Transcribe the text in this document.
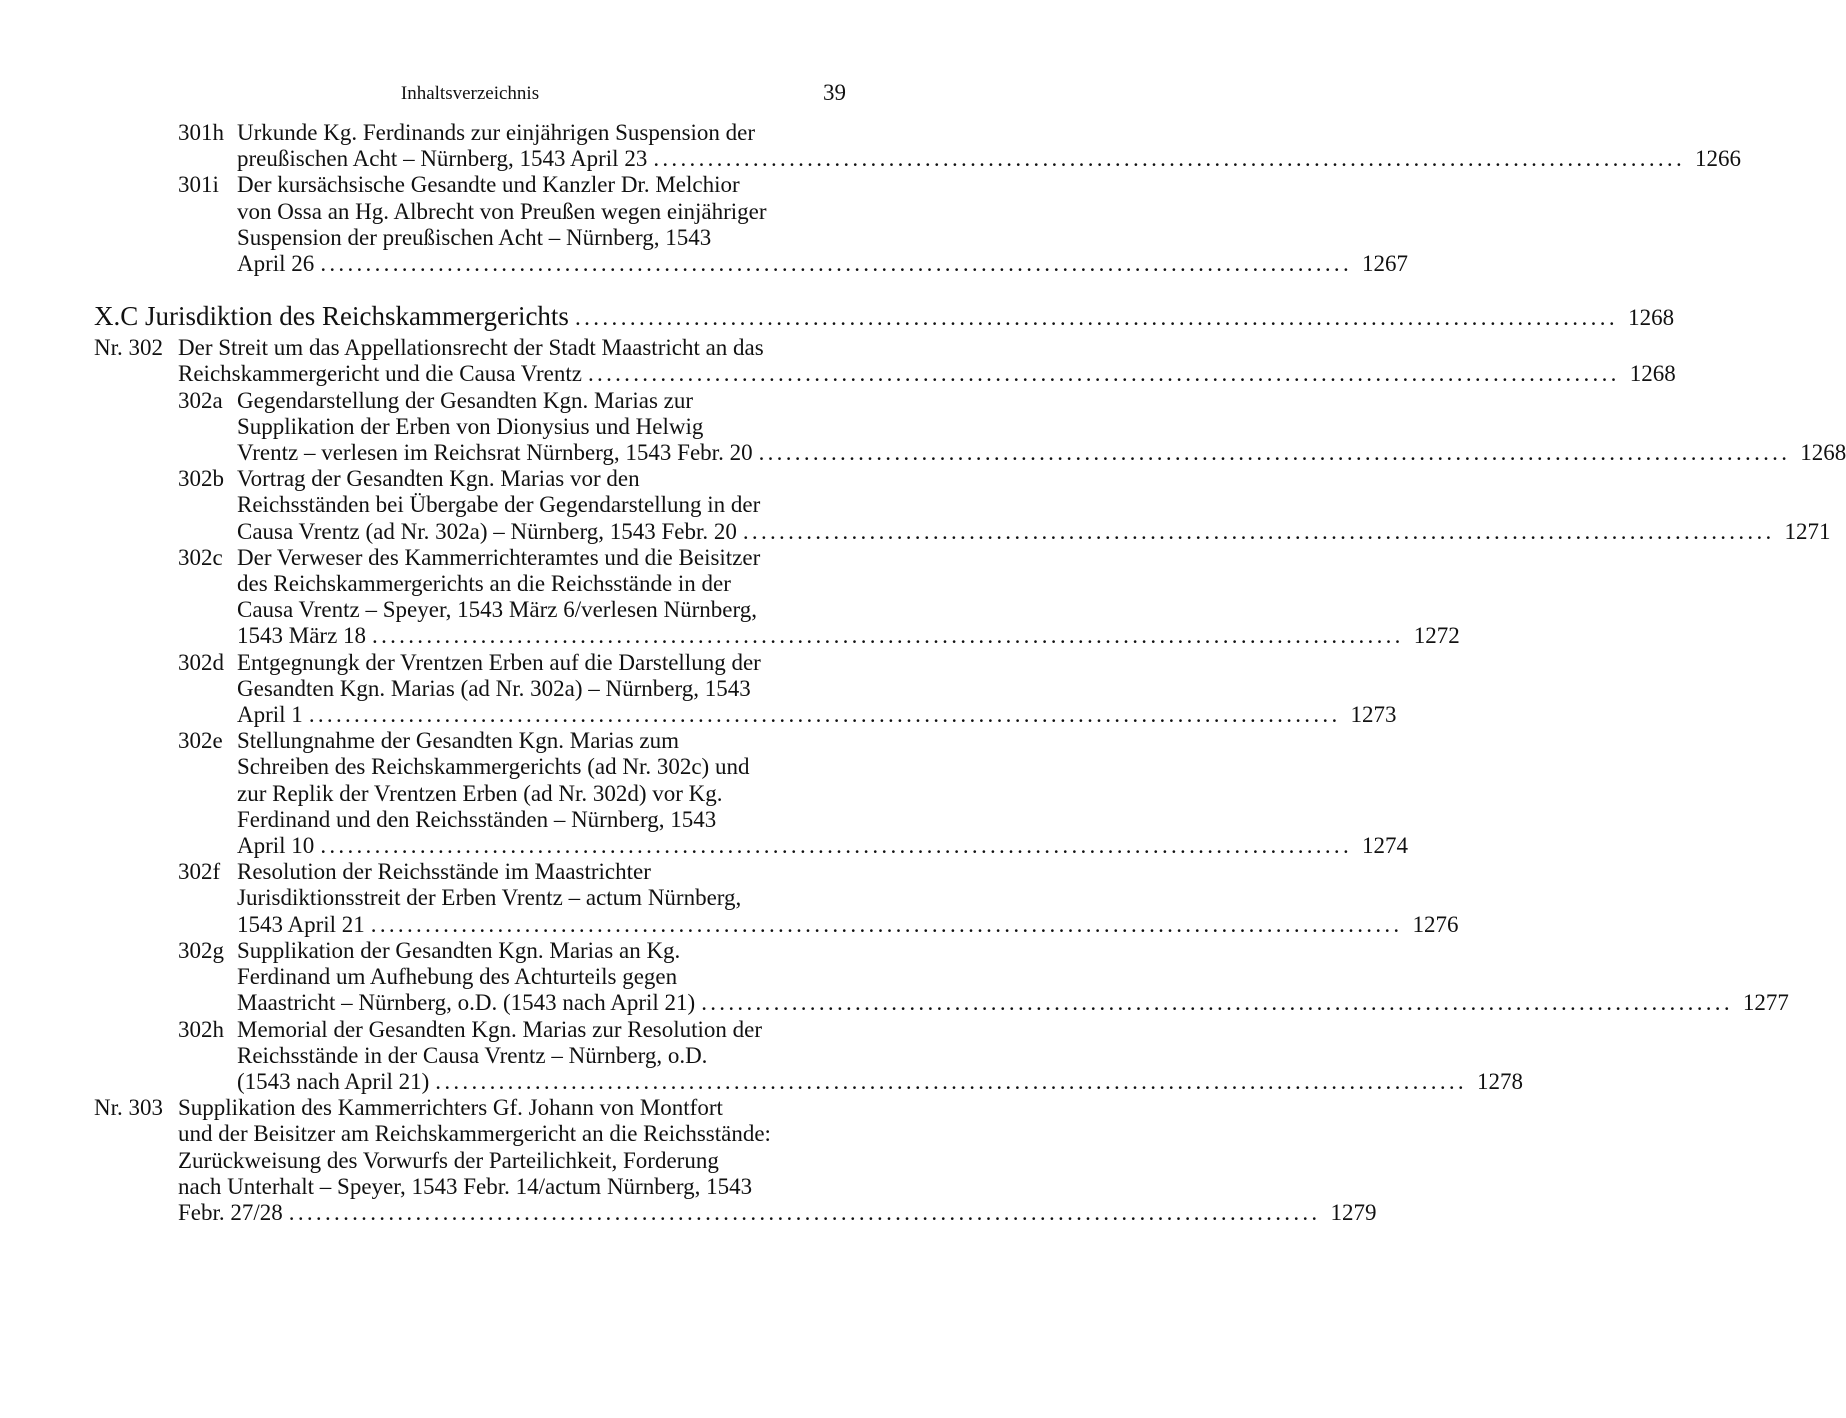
Inhaltsverzeichnis	39
301h Urkunde Kg. Ferdinands zur einjährigen Suspension der
preußischen Acht – Nürnberg, 1543 April 23 .................................................................................................................. 1266
301i Der kursächsische Gesandte und Kanzler Dr. Melchior
von Ossa an Hg. Albrecht von Preußen wegen einjähriger
Suspension der preußischen Acht – Nürnberg, 1543
April 26 .................................................................................................................. 1267
X.C Jurisdiktion des Reichskammergerichts .................................................................................................................. 1268
Nr. 302 Der Streit um das Appellationsrecht der Stadt Maastricht an das
Reichskammergericht und die Causa Vrentz .................................................................................................................. 1268
302a Gegendarstellung der Gesandten Kgn. Marias zur
Supplikation der Erben von Dionysius und Helwig
Vrentz – verlesen im Reichsrat Nürnberg, 1543 Febr. 20 .................................................................................................................. 1268
302b Vortrag der Gesandten Kgn. Marias vor den
Reichsständen bei Übergabe der Gegendarstellung in der
Causa Vrentz (ad Nr. 302a) – Nürnberg, 1543 Febr. 20 .................................................................................................................. 1271
302c Der Verweser des Kammerrichteramtes und die Beisitzer
des Reichskammergerichts an die Reichsstände in der
Causa Vrentz – Speyer, 1543 März 6/verlesen Nürnberg,
1543 März 18 .................................................................................................................. 1272
302d Entgegnungk der Vrentzen Erben auf die Darstellung der
Gesandten Kgn. Marias (ad Nr. 302a) – Nürnberg, 1543
April 1 .................................................................................................................. 1273
302e Stellungnahme der Gesandten Kgn. Marias zum
Schreiben des Reichskammergerichts (ad Nr. 302c) und
zur Replik der Vrentzen Erben (ad Nr. 302d) vor Kg.
Ferdinand und den Reichsständen – Nürnberg, 1543
April 10 .................................................................................................................. 1274
302f Resolution der Reichsstände im Maastrichter
Jurisdiktionsstreit der Erben Vrentz – actum Nürnberg,
1543 April 21 .................................................................................................................. 1276
302g Supplikation der Gesandten Kgn. Marias an Kg.
Ferdinand um Aufhebung des Achturteils gegen
Maastricht – Nürnberg, o.D. (1543 nach April 21) .................................................................................................................. 1277
302h Memorial der Gesandten Kgn. Marias zur Resolution der
Reichsstände in der Causa Vrentz – Nürnberg, o.D.
(1543 nach April 21) .................................................................................................................. 1278
Nr. 303 Supplikation des Kammerrichters Gf. Johann von Montfort
und der Beisitzer am Reichskammergericht an die Reichsstände:
Zurückweisung des Vorwurfs der Parteilichkeit, Forderung
nach Unterhalt – Speyer, 1543 Febr. 14/actum Nürnberg, 1543
Febr. 27/28 .................................................................................................................. 1279
